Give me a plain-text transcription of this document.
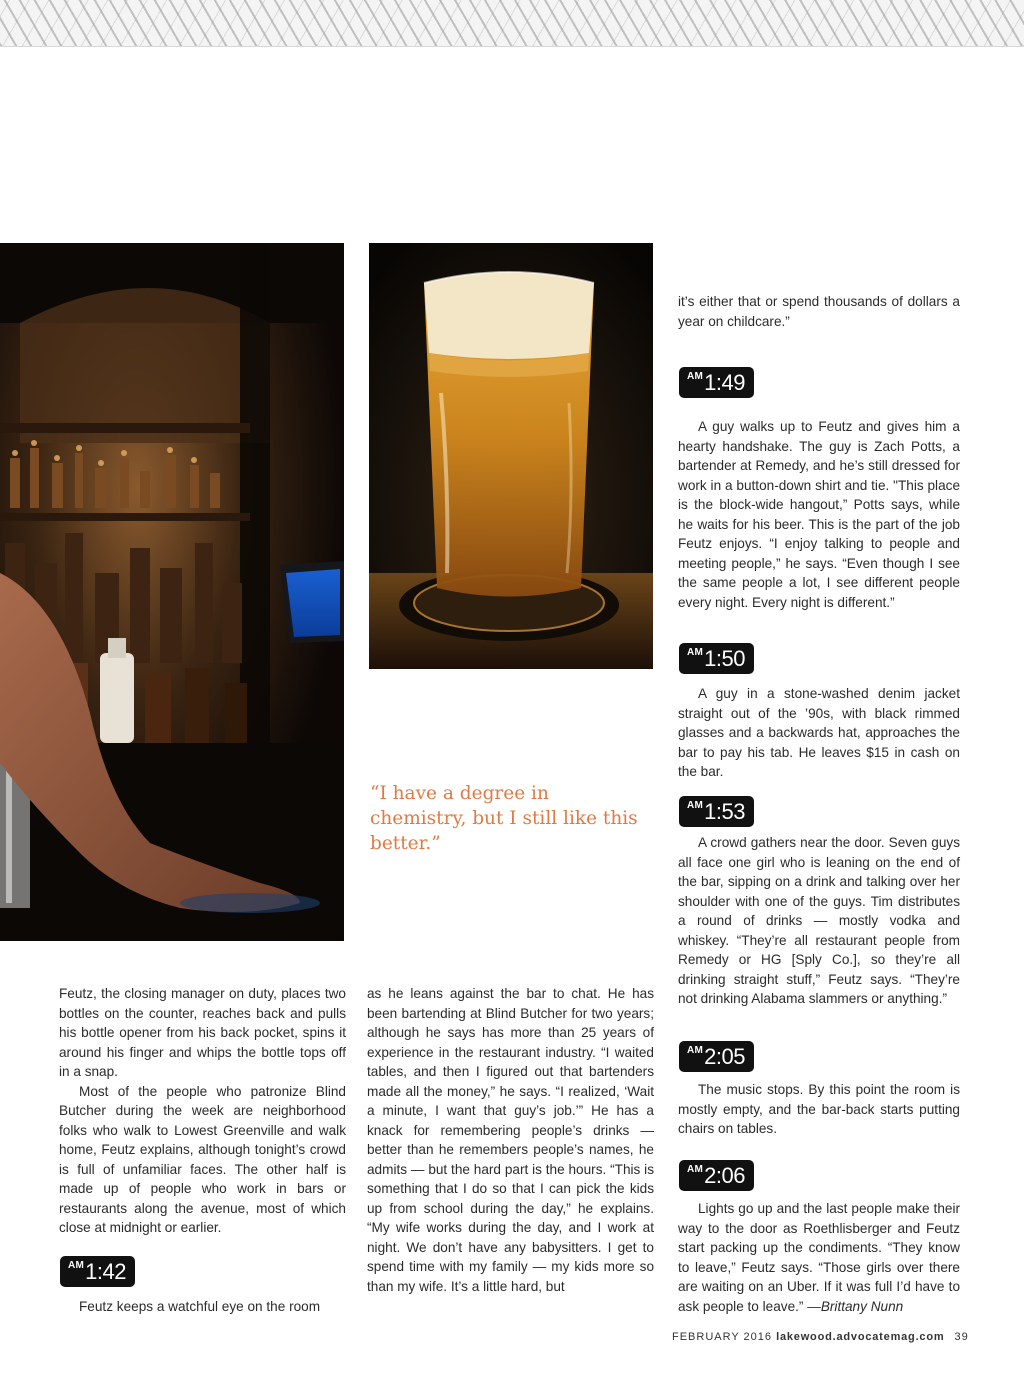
Feutz, the closing manager on duty, places two bottles on the counter, reaches back and pulls his bottle opener from his back pocket, spins it around his finger and whips the bottle tops off in a snap.

Most of the people who patronize Blind Butcher during the week are neighborhood folks who walk to Lowest Greenville and walk home, Feutz explains, although tonight’s crowd is full of unfamiliar faces. The other half is made up of people who work in bars or restaurants along the avenue, most of which close at midnight or earlier.

AM 1:42

Feutz keeps a watchful eye on the room

as he leans against the bar to chat. He has been bartending at Blind Butcher for two years; although he says has more than 25 years of experience in the restaurant industry. “I waited tables, and then I figured out that bartenders made all the money,” he says. “I realized, ‘Wait a minute, I want that guy’s job.’” He has a knack for remembering people’s drinks — better than he remembers people’s names, he admits — but the hard part is the hours. “This is something that I do so that I can pick the kids up from school during the day,” he explains. “My wife works during the day, and I work at night. We don’t have any babysitters. I get to spend time with my family — my kids more so than my wife. It’s a little hard, but

“I have a degree in chemistry, but I still like this better.”

it’s either that or spend thousands of dollars a year on childcare.”

AM 1:49

A guy walks up to Feutz and gives him a hearty handshake. The guy is Zach Potts, a bartender at Remedy, and he’s still dressed for work in a button-down shirt and tie. "This place is the block-wide hangout,” Potts says, while he waits for his beer. This is the part of the job Feutz enjoys. “I enjoy talking to people and meeting people,” he says. “Even though I see the same people a lot, I see different people every night. Every night is different.”

AM 1:50

A guy in a stone-washed denim jacket straight out of the ’90s, with black rimmed glasses and a backwards hat, approaches the bar to pay his tab. He leaves $15 in cash on the bar.

AM 1:53

A crowd gathers near the door. Seven guys all face one girl who is leaning on the end of the bar, sipping on a drink and talking over her shoulder with one of the guys. Tim distributes a round of drinks — mostly vodka and whiskey. “They’re all restaurant people from Remedy or HG [Sply Co.], so they’re all drinking straight stuff,” Feutz says. “They’re not drinking Alabama slammers or anything.”

AM 2:05

The music stops. By this point the room is mostly empty, and the bar-back starts putting chairs on tables.

AM 2:06

Lights go up and the last people make their way to the door as Roethlisberger and Feutz start packing up the condiments. “They know to leave,” Feutz says. “Those girls over there are waiting on an Uber. If it was full I’d have to ask people to leave.” —Brittany Nunn

FEBRUARY 2016 lakewood.advocatemag.com 39
